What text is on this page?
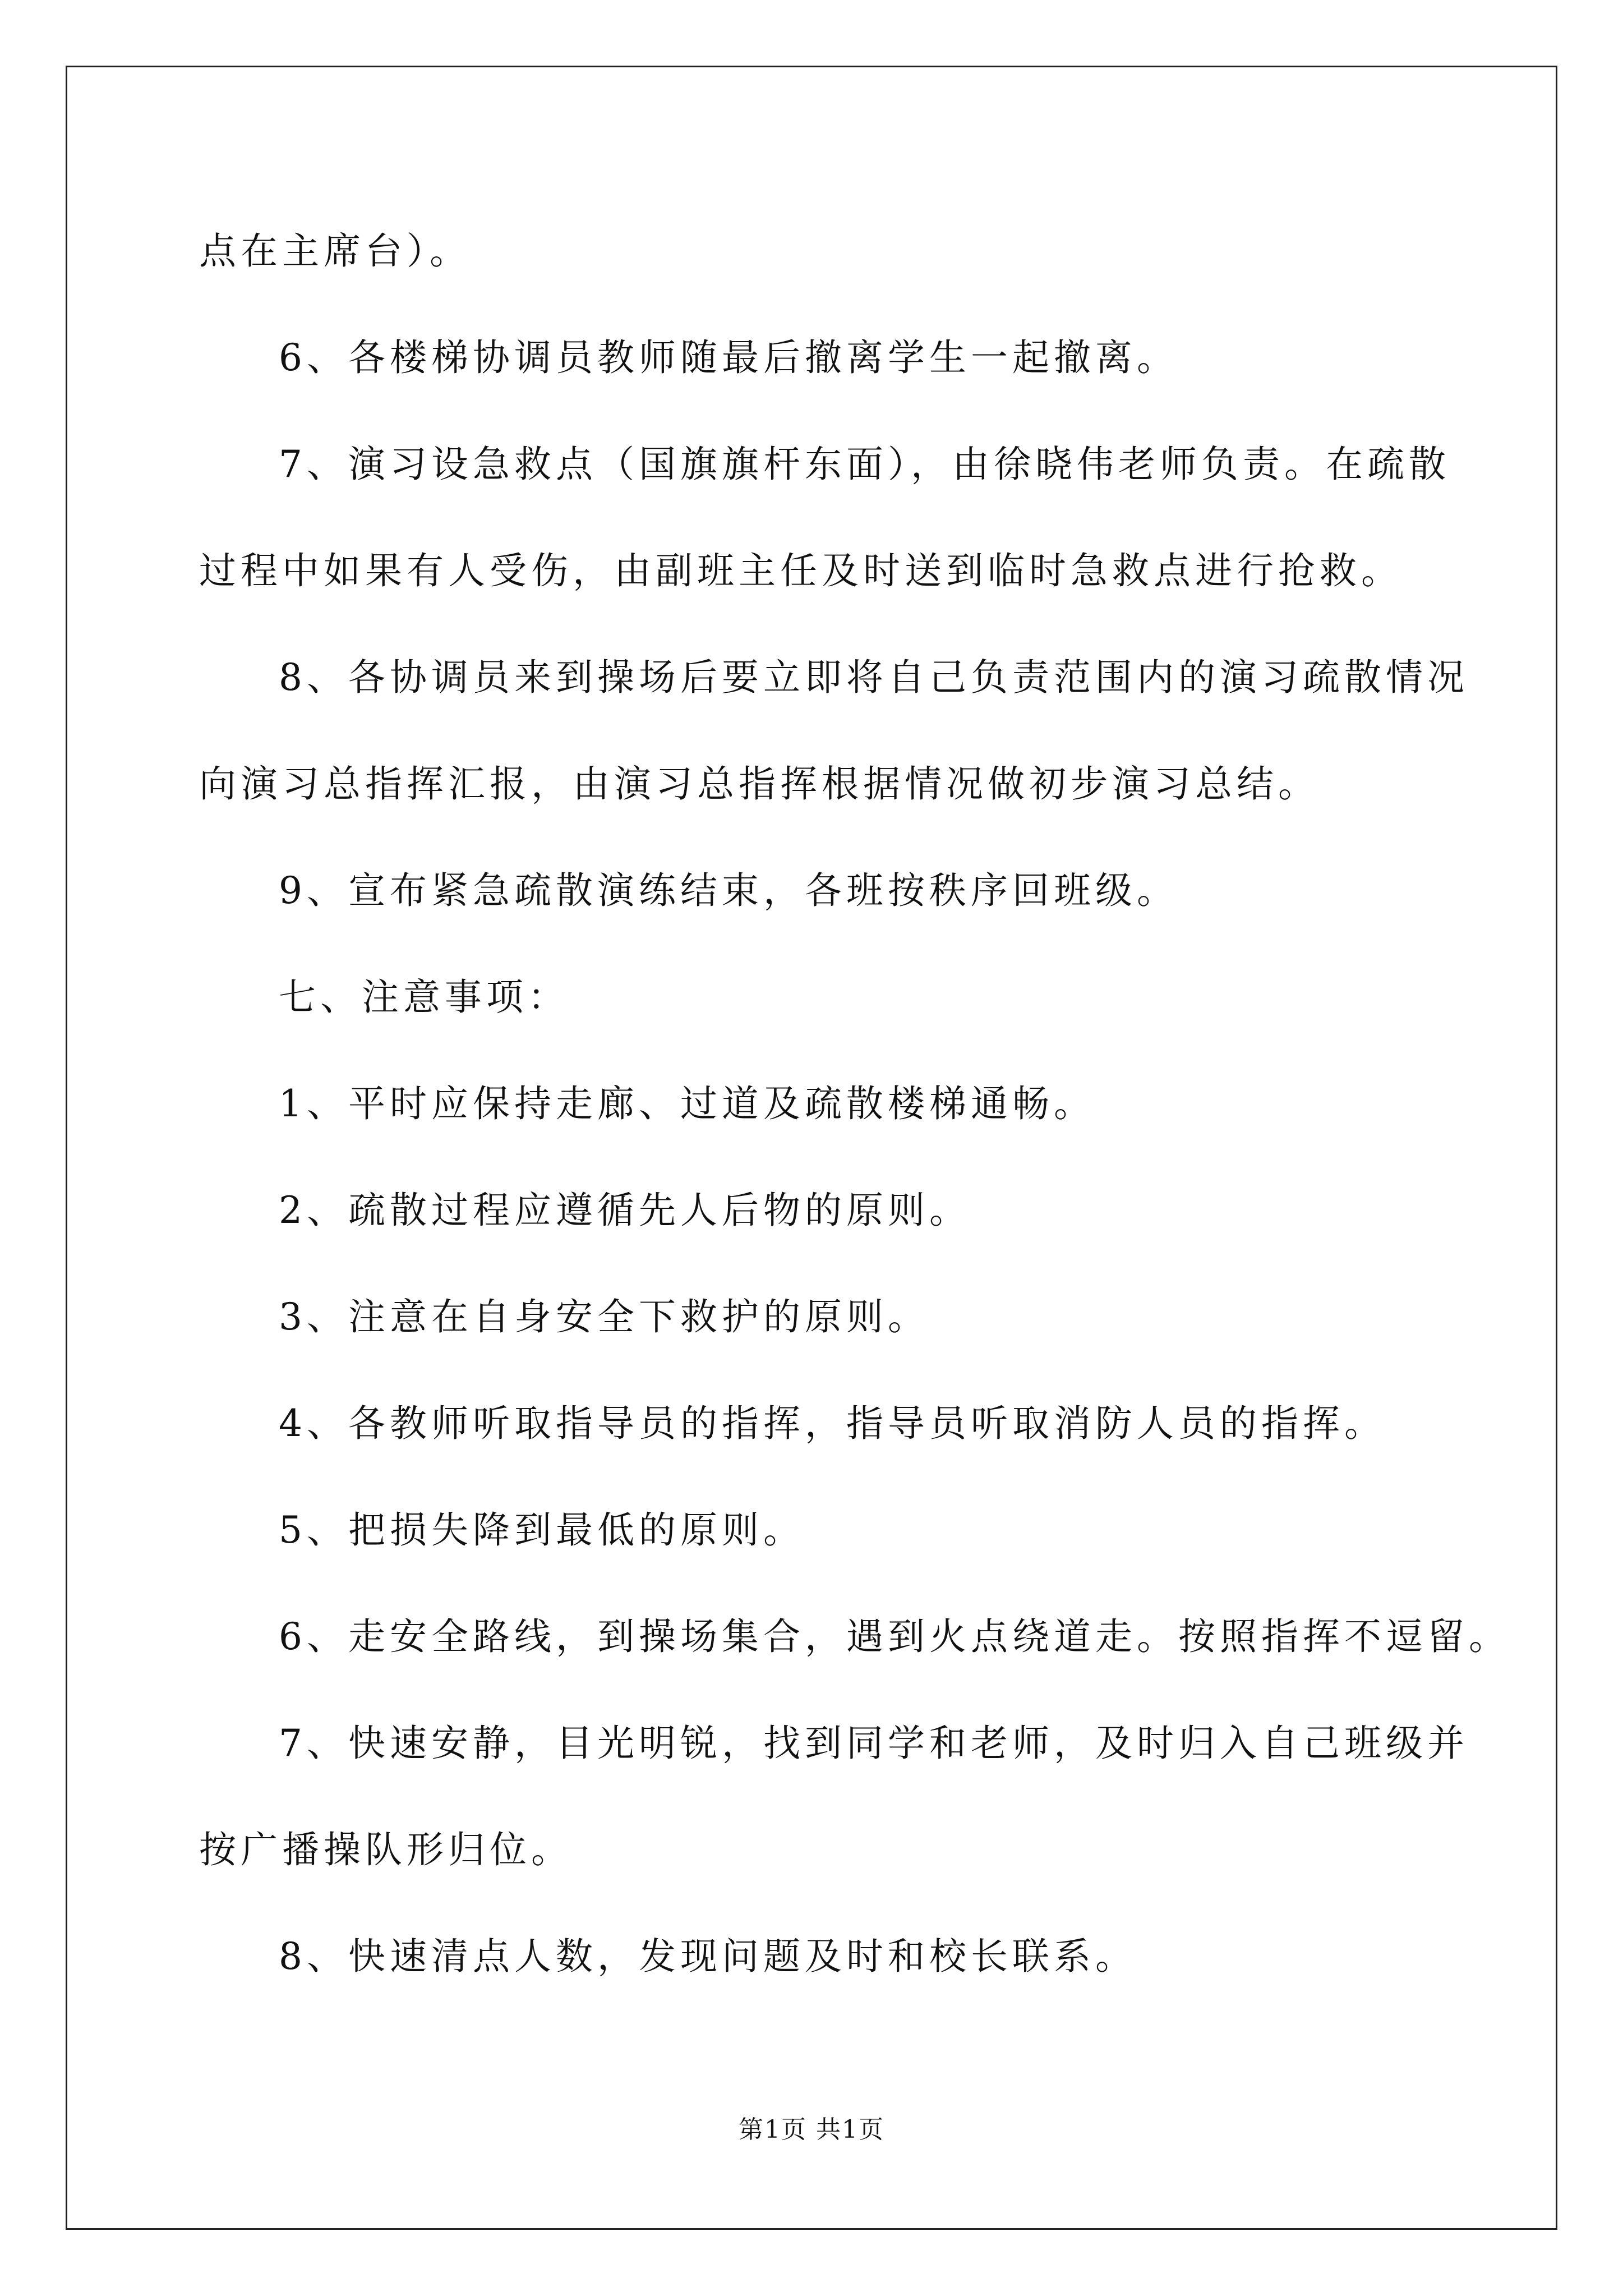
点在主席台）。
6、各楼梯协调员教师随最后撤离学生一起撤离。
7、演习设急救点（国旗旗杆东面），由徐晓伟老师负责。在疏散
过程中如果有人受伤，由副班主任及时送到临时急救点进行抢救。
8、各协调员来到操场后要立即将自己负责范围内的演习疏散情况
向演习总指挥汇报，由演习总指挥根据情况做初步演习总结。
9、宣布紧急疏散演练结束，各班按秩序回班级。
七、注意事项：
1、平时应保持走廊、过道及疏散楼梯通畅。
2、疏散过程应遵循先人后物的原则。
3、注意在自身安全下救护的原则。
4、各教师听取指导员的指挥，指导员听取消防人员的指挥。
5、把损失降到最低的原则。
6、走安全路线，到操场集合，遇到火点绕道走。按照指挥不逗留。
7、快速安静，目光明锐，找到同学和老师，及时归入自己班级并
按广播操队形归位。
8、快速清点人数，发现问题及时和校长联系。
第1页 共1页
